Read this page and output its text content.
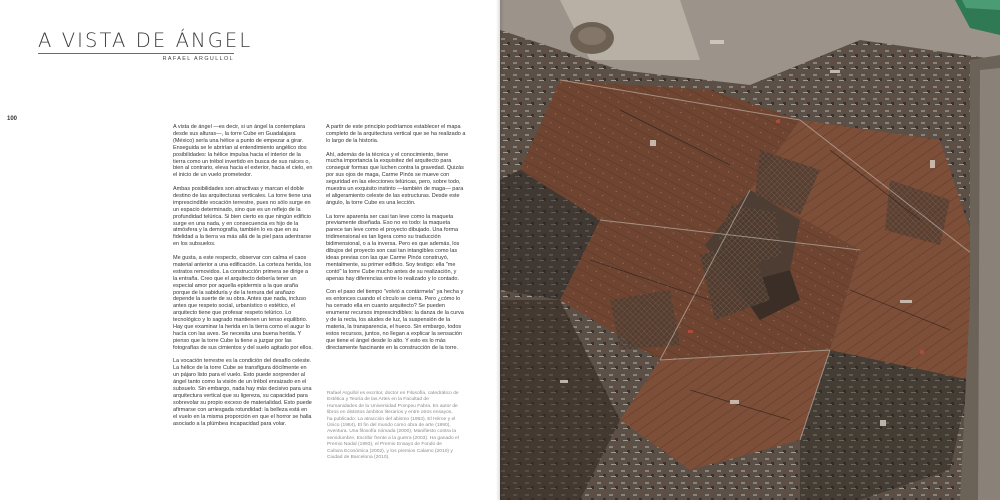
A VISTA DE ÁNGEL
RAFAEL ARGULLOL
100

A vista de ángel —es decir, si un ángel la contemplara desde sus alturas—, la torre Cube en Guadalajara (México) sería una hélice a punto de empezar a girar. Enseguida se le abrirían al entendimiento angélico dos posibilidades: la hélice impulsa hacia el interior de la tierra como un trébol invertido en busca de sus raíces o, bien al contrario, eleva hacia el exterior, hacia el cielo, en el inicio de un vuelo prometedor.

Ambas posibilidades son atractivas y marcan el doble destino de las arquitecturas verticales. La torre tiene una imprescindible vocación terrestre, pues no sólo surge en un espacio determinado, sino que es un reflejo de la profundidad telúrica. Si bien cierto es que ningún edificio surge en una nada, y en consecuencia es hijo de la atmósfera y la demografía, también lo es que en su fidelidad a la tierra va más allá de la piel para adentrarse en los subsuelos.

Me gusta, a este respecto, observar con calma el caos material anterior a una edificación. La corteza herida, los estratos removidos. La construcción primera se dirige a la entraña. Creo que el arquitecto debería tener un especial amor por aquella epidermis a la que araña porque de la sabiduría y de la ternura del arañazo depende la suerte de su obra. Antes que nada, incluso antes que respeto social, urbanístico o estético, el arquitecto tiene que profesar respeto telúrico. Lo tecnológico y lo sagrado mantienen un tenso equilibrio. Hay que examinar la herida en la tierra como el augur lo hacía con las aves. Se necesita una buena herida. Y pienso que la torre Cube la tiene a juzgar por las fotografías de sus cimientos y del suelo agitado por ellos.

La vocación terrestre es la condición del desafío celeste. La hélice de la torre Cube se transfigura dócilmente en un pájaro listo para el vuelo. Esto puede sorprender al ángel tanto como la visión de un trébol enraizado en el subsuelo. Sin embargo, nada hay más decisivo para una arquitectura vertical que su ligereza, su capacidad para sobrevolar su propio exceso de materialidad. Esto puede afirmarse con arriesgada rotundidad: la belleza está en el vuelo en la misma proporción en que el horror se halla asociado a la plúmbea incapacidad para volar.

A partir de este principio podríamos establecer el mapa completo de la arquitectura vertical que se ha realizado a lo largo de la historia.

Ahí, además de la técnica y el conocimiento, tiene mucha importancia la exquisitez del arquitecto para conseguir formas que luchen contra la gravedad. Quizás por sus ojos de maga, Carme Pinós se mueve con seguridad en las elecciones telúricas, pero, sobre todo, muestra un exquisito instinto —también de maga— para el aligeramiento celeste de las estructuras. Desde este ángulo, la torre Cube es una lección.

La torre aparenta ser casi tan leve como la maqueta previamente diseñada. Eso no es todo: la maqueta parece tan leve como el proyecto dibujado. Una forma tridimensional es tan ligera como su traducción bidimensional, o a la inversa. Pero es que además, los dibujos del proyecto son casi tan intangibles como las ideas previas con las que Carme Pinós construyó, mentalmente, su primer edificio. Soy testigo: ella "me contó" la torre Cube mucho antes de su realización, y apenas hay diferencias entre lo realizado y lo contado.

Con el paso del tiempo "volvió a contármela" ya hecha y es entonces cuando el círculo se cierra. Pero ¿cómo lo ha cerrado ella en cuanto arquitecto? Se pueden enumerar recursos imprescindibles: la danza de la curva y de la recta, los aludes de luz, la suspensión de la materia, la transparencia, el hueco. Sin embargo, todos estos recursos, juntos, no llegan a explicar la sensación que tiene el ángel desde lo alto. Y esto es lo más directamente fascinante en la construcción de la torre.

Rafael Argullol es escritor, doctor en Filosofía, catedrático de Estética y Teoría de las Artes en la Facultad de Humanidades de la Universidad Pompeu Fabra. Es autor de libros en distintos ámbitos literarios y entre otros ensayos, ha publicado: La atracción del abismo (1983), El Héroe y el Único (1984), El fin del mundo como obra de arte (1990), Aventura. Una filosofía nómada (2000), Manifiesto contra la servidumbre, Escribir frente a la guerra (2003). Ha ganado el Premio Nadal (1993), el Premio Ensayo de Fondo de Cultura Económica (2002), y los premios Calamo (2010) y Ciudad de Barcelona (2010).
